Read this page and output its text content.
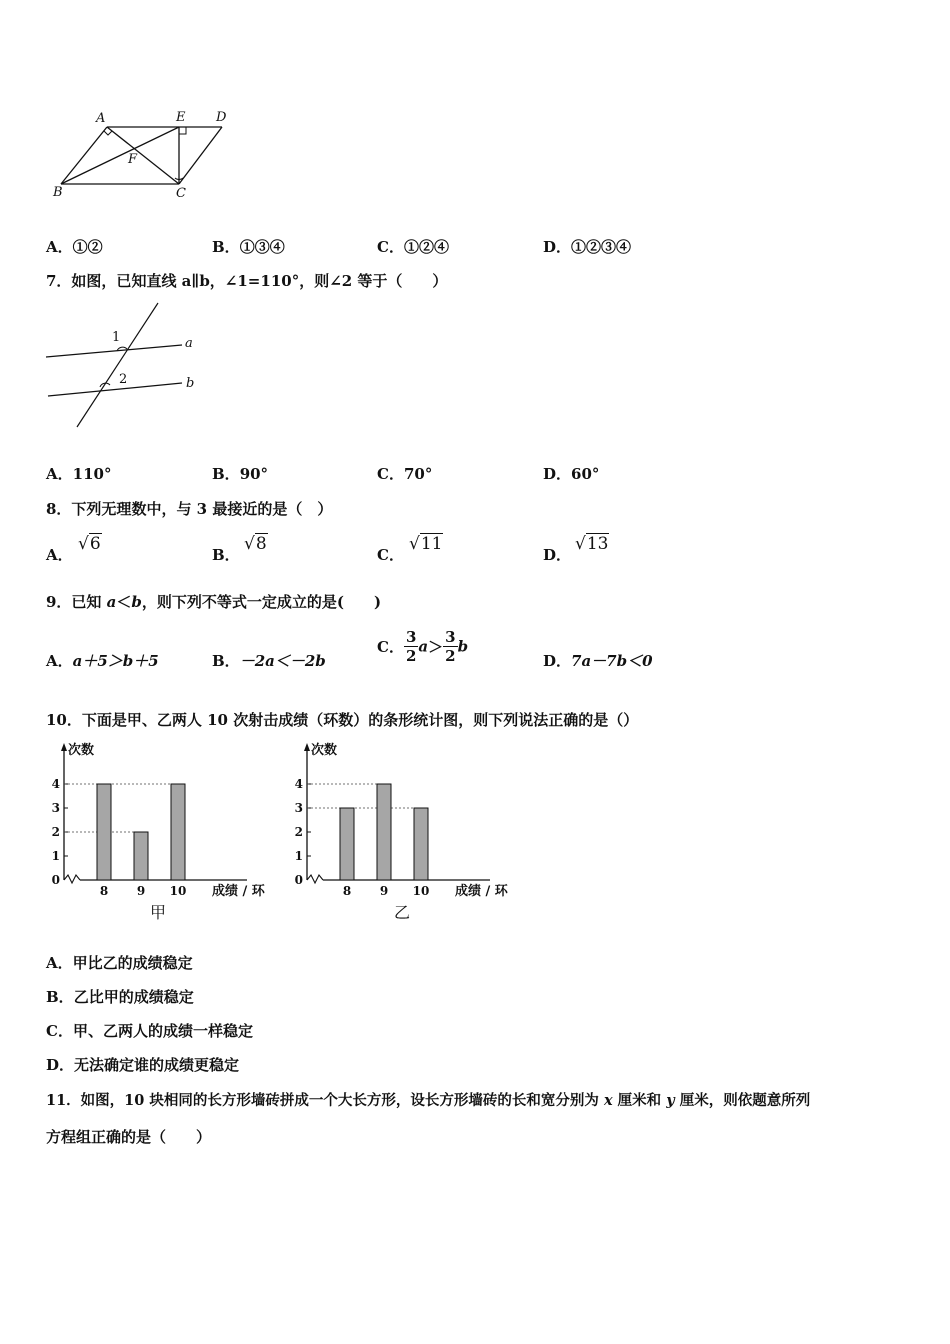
A	E D
F
B	C
A．①②	B．①③④	C．①②④	D．①②③④
7．如图，已知直线 a∥b，∠1=110°，则∠2 等于（　　）
1
2
a
b
A．110°	B．90°	C．70°	D．60°
8．下列无理数中，与 3 最接近的是（　）
A．
√6
B．
√8
C．
√11
D．
√13
9．已知 a＜b，则下列不等式一定成立的是(　　)
A．a＋5＞b＋5	B．－2a＜－2b
C． $\frac{3}{2} a> \frac{3}{2}$ b
D．7a－7b＜0
10．下面是甲、乙两人 10 次射击成绩（环数）的条形统计图，则下列说法正确的是（）
0
1
2
3
4
8 9 10
次数
成绩 / 环
甲
0
1
2
3
4
8 9 10
次数
成绩 / 环
乙
A．甲比乙的成绩稳定
B．乙比甲的成绩稳定
C．甲、乙两人的成绩一样稳定
D．无法确定谁的成绩更稳定
11．如图，10 块相同的长方形墙砖拼成一个大长方形，设长方形墙砖的长和宽分别为 x 厘米和 y 厘米，则依题意所列
方程组正确的是（　　）
